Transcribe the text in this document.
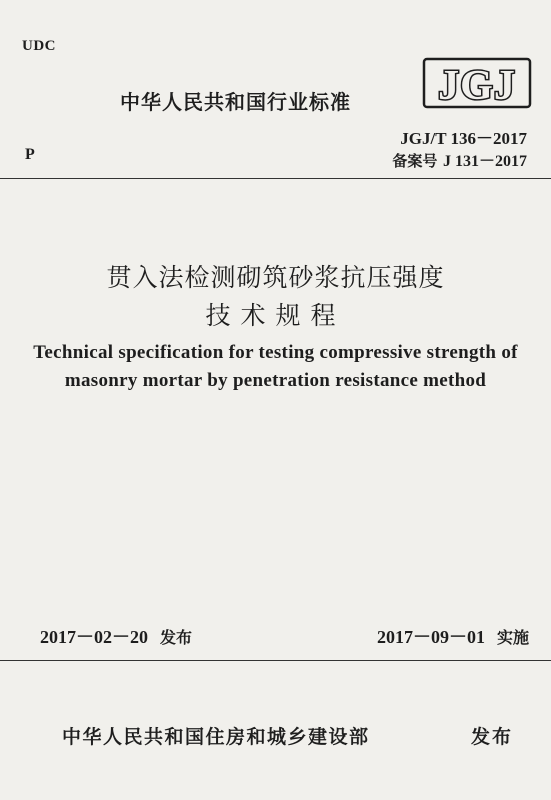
UDC
中华人民共和国行业标准 JGJ
JGJ/T 136－2017
P	备案号 J 131－2017
贯入法检测砌筑砂浆抗压强度
技术规程
Technical specification for testing compressive strength of
masonry mortar by penetration resistance method
2017－02－20 发布	2017－09－01 实施
中华人民共和国住房和城乡建设部	发布
